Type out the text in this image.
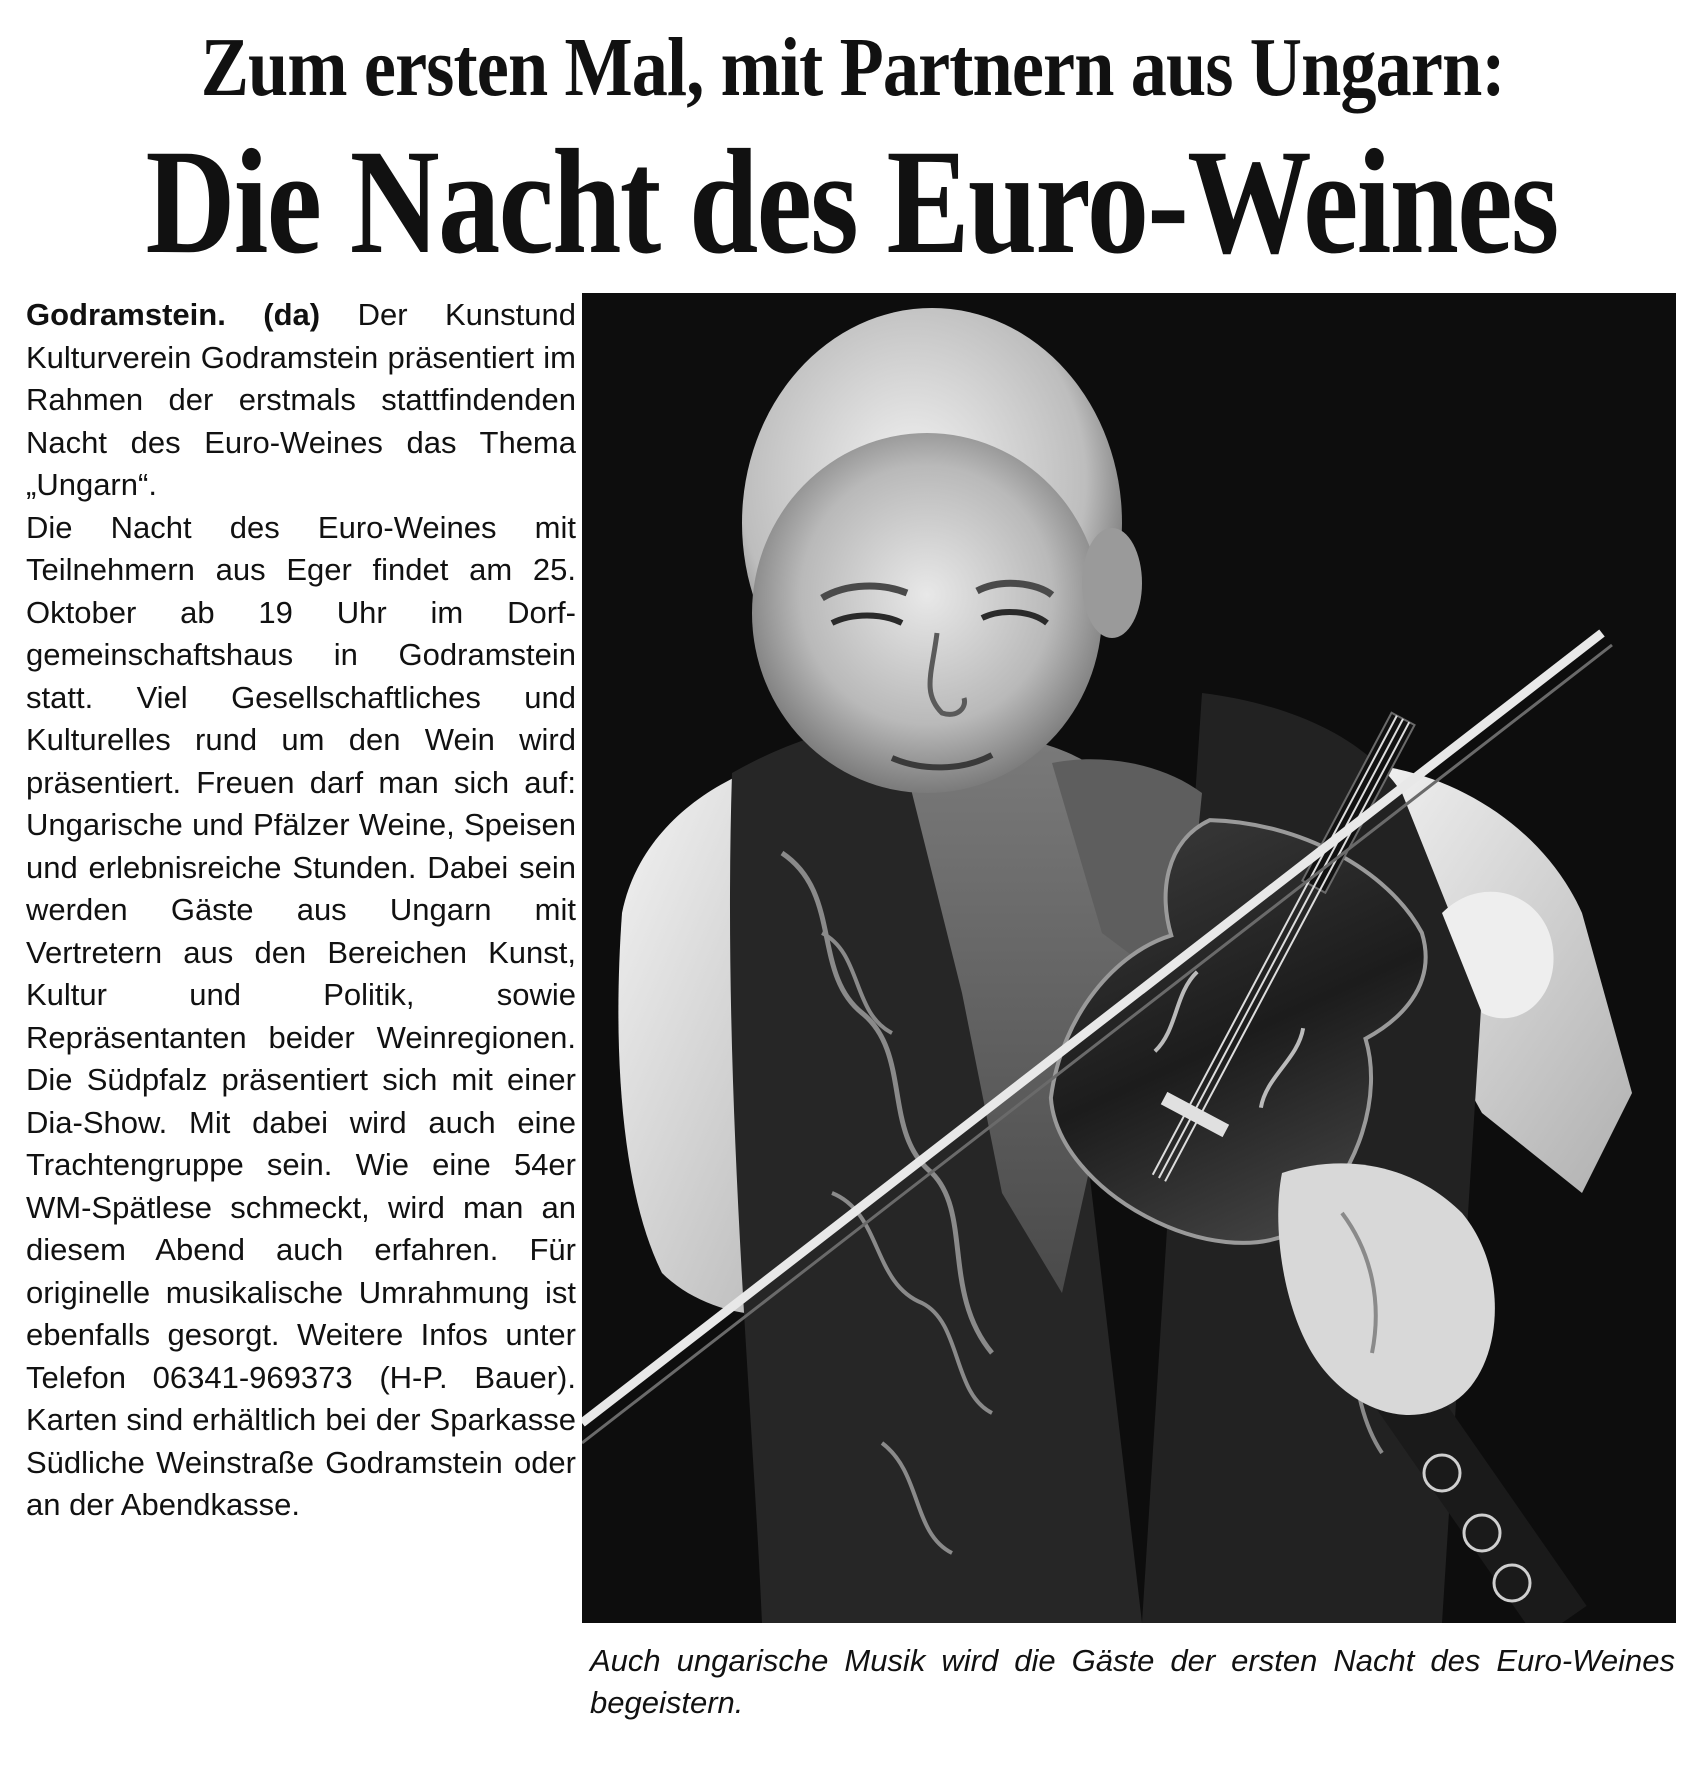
Zum ersten Mal, mit Partnern aus Ungarn:
Die Nacht des Euro-Weines

Godramstein. (da) Der Kunstund Kulturverein Godramstein präsentiert im Rahmen der erstmals stattfindenden Nacht des Euro-Weines das Thema „Ungarn“.

Die Nacht des Euro-Weines mit Teilnehmern aus Eger findet am 25. Oktober ab 19 Uhr im Dorfgemeinschaftshaus in Godramstein statt. Viel Gesellschaftliches und Kulturelles rund um den Wein wird präsentiert. Freuen darf man sich auf: Ungarische und Pfälzer Weine, Speisen und erlebnisreiche Stunden. Dabei sein werden Gäste aus Ungarn mit Vertretern aus den Bereichen Kunst, Kultur und Politik, sowie Repräsentanten beider Weinregionen. Die Südpfalz präsentiert sich mit einer Dia-Show. Mit dabei wird auch eine Trachtengruppe sein. Wie eine 54er WM-Spätlese schmeckt, wird man an diesem Abend auch erfahren. Für originelle musikalische Umrahmung ist ebenfalls gesorgt. Weitere Infos unter Telefon 06341-969373 (H-P. Bauer). Karten sind erhältlich bei der Sparkasse Südliche Weinstraße Godramstein oder an der Abendkasse.

Auch ungarische Musik wird die Gäste der ersten Nacht des Euro-Weines begeistern.
